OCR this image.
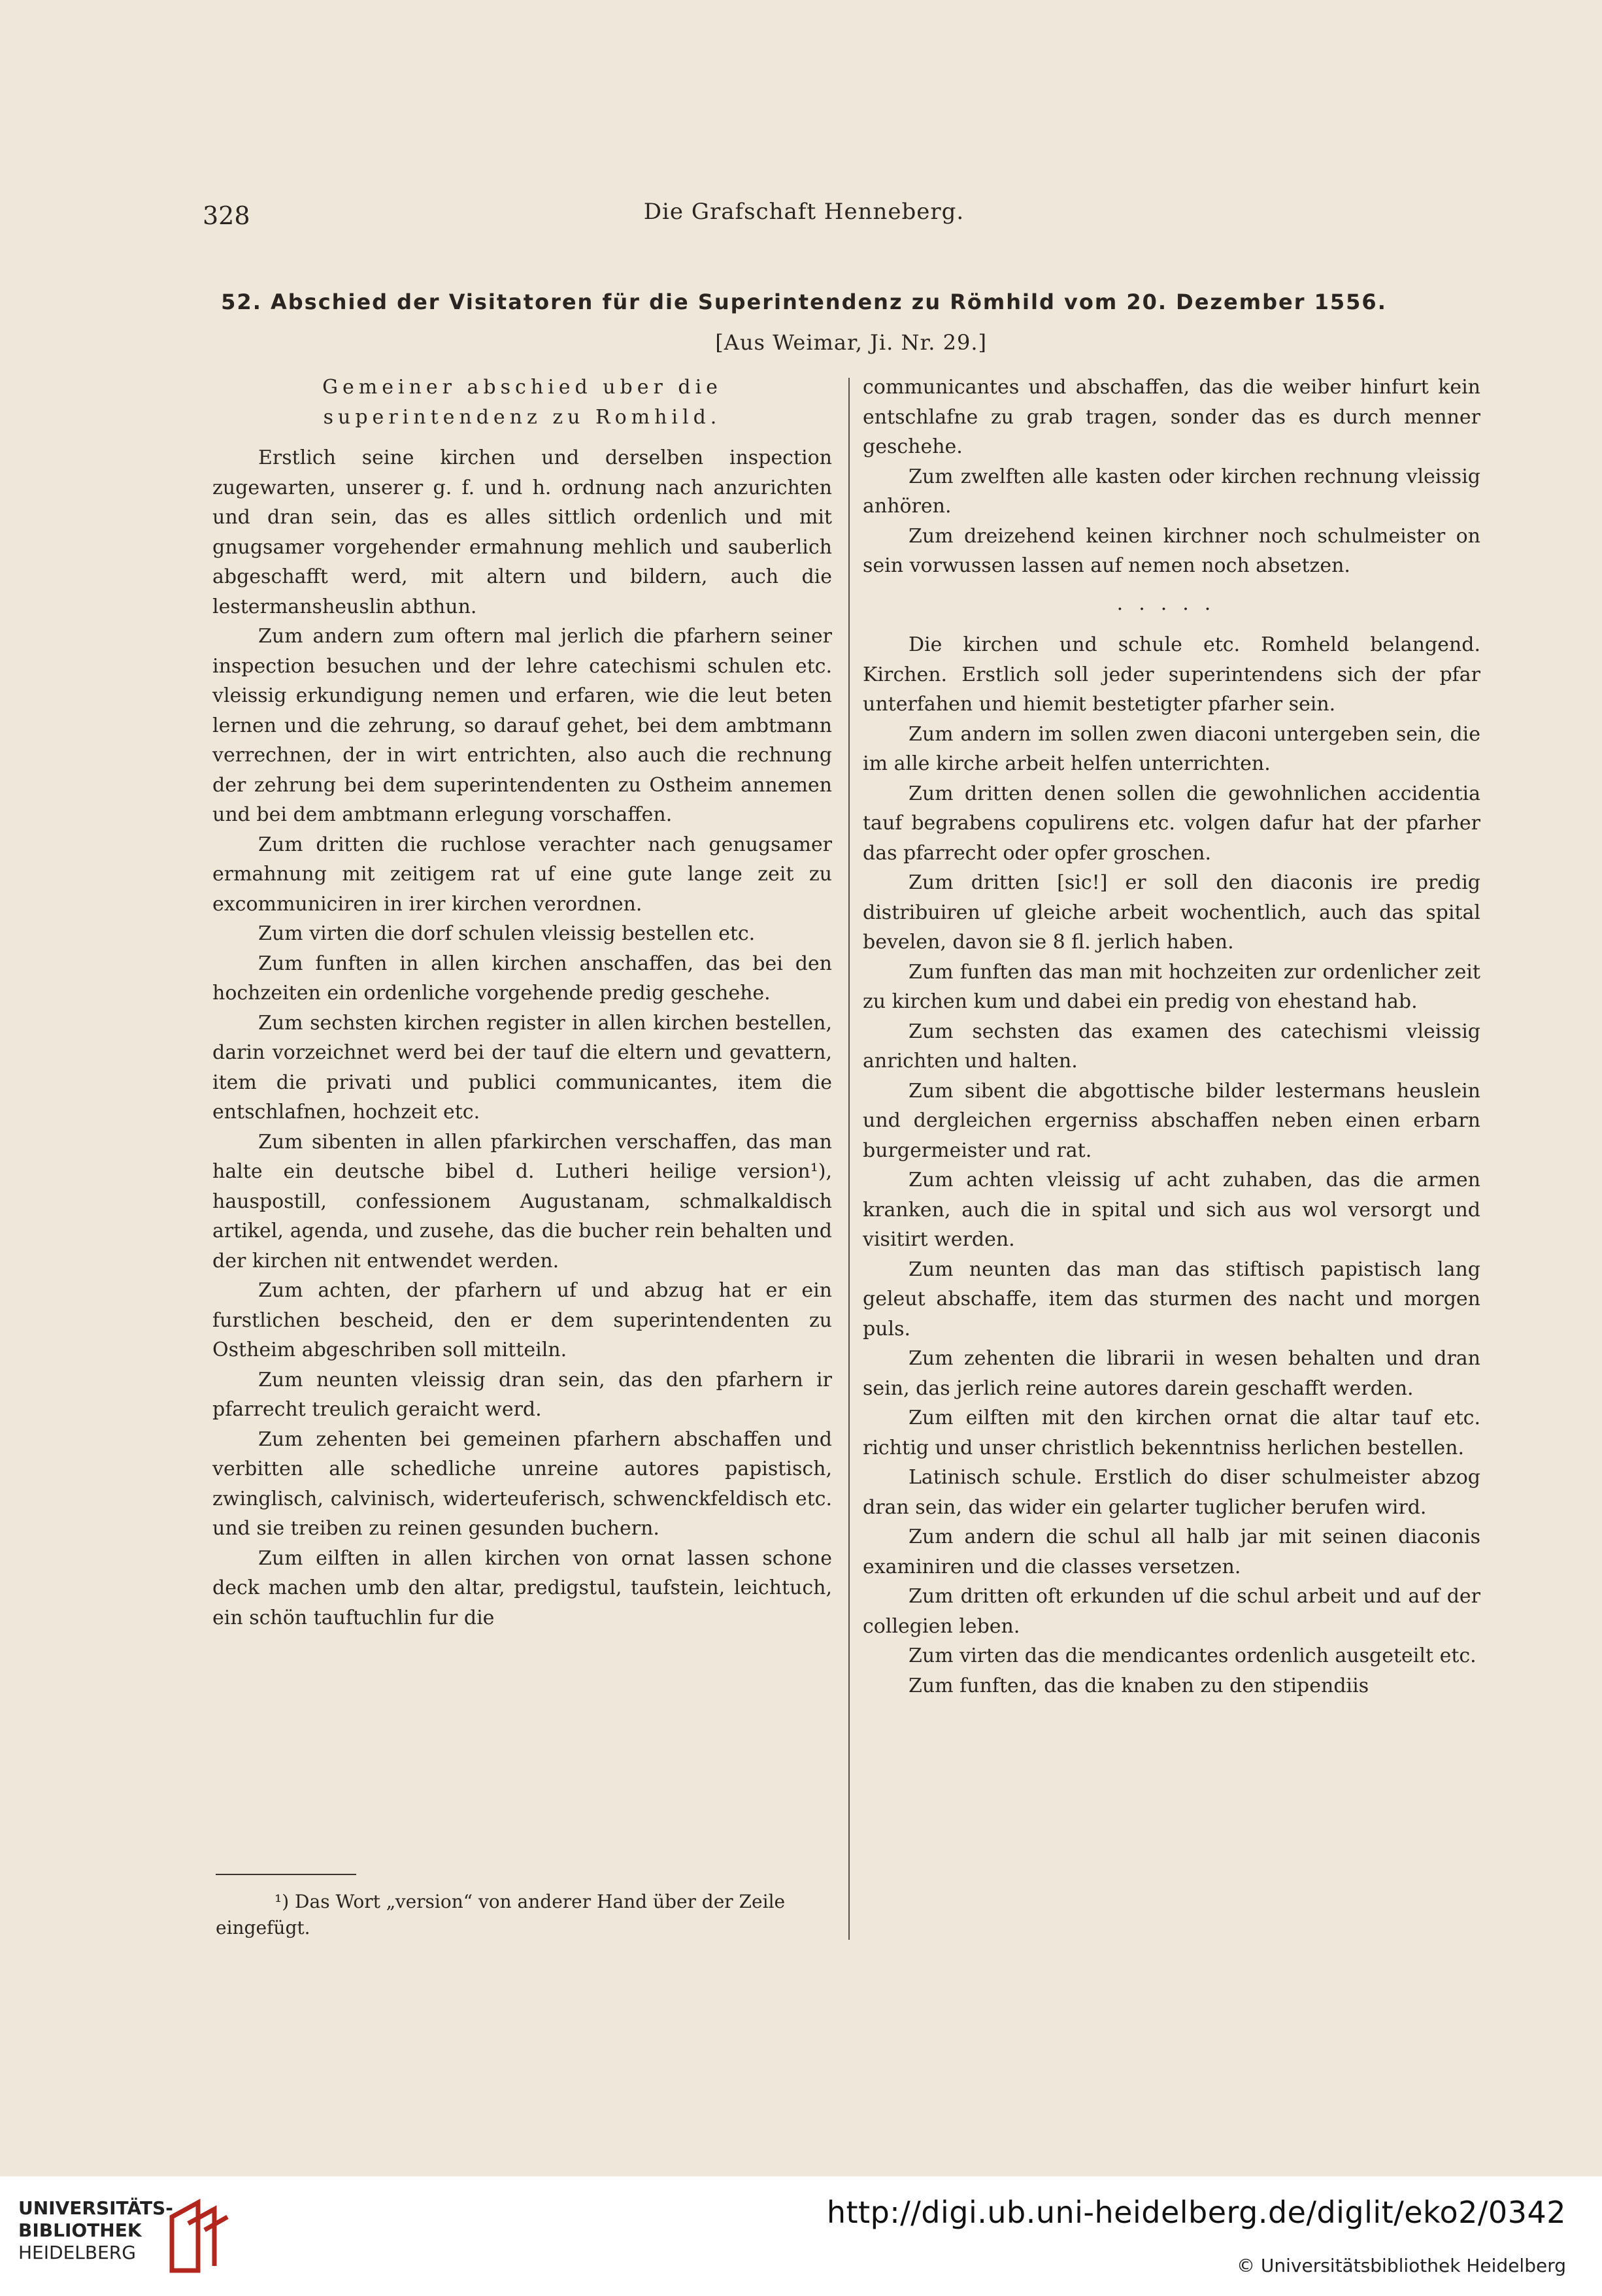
328	Die Grafschaft Henneberg.
52. Abschied der Visitatoren für die Superintendenz zu Römhild vom 20. Dezember 1556.
[Aus Weimar, Ji. Nr. 29.]
Gemeiner abschied uber die superintendenz zu Romhild.

Erstlich seine kirchen und derselben inspection zugewarten, unserer g. f. und h. ordnung nach anzurichten und dran sein, das es alles sittlich ordenlich und mit gnugsamer vorgehender ermahnung mehlich und sauberlich abgeschafft werd, mit altern und bildern, auch die lestermansheuslin abthun.

Zum andern zum oftern mal jerlich die pfarhern seiner inspection besuchen und der lehre catechismi schulen etc. vleissig erkundigung nemen und erfaren, wie die leut beten lernen und die zehrung, so darauf gehet, bei dem ambtmann verrechnen, der in wirt entrichten, also auch die rechnung der zehrung bei dem superintendenten zu Ostheim annemen und bei dem ambtmann erlegung vorschaffen.

Zum dritten die ruchlose verachter nach genugsamer ermahnung mit zeitigem rat uf eine gute lange zeit zu excommuniciren in irer kirchen verordnen.

Zum virten die dorf schulen vleissig bestellen etc.

Zum funften in allen kirchen anschaffen, das bei den hochzeiten ein ordenliche vorgehende predig geschehe.

Zum sechsten kirchen register in allen kirchen bestellen, darin vorzeichnet werd bei der tauf die eltern und gevattern, item die privati und publici communicantes, item die entschlafnen, hochzeit etc.

Zum sibenten in allen pfarkirchen verschaffen, das man halte ein deutsche bibel d. Lutheri heilige version¹), hauspostill, confessionem Augustanam, schmalkaldisch artikel, agenda, und zusehe, das die bucher rein behalten und der kirchen nit entwendet werden.

Zum achten, der pfarhern uf und abzug hat er ein furstlichen bescheid, den er dem superintendenten zu Ostheim abgeschriben soll mitteiln.

Zum neunten vleissig dran sein, das den pfarhern ir pfarrecht treulich geraicht werd.

Zum zehenten bei gemeinen pfarhern abschaffen und verbitten alle schedliche unreine autores papistisch, zwinglisch, calvinisch, widerteuferisch, schwenckfeldisch etc. und sie treiben zu reinen gesunden buchern.

Zum eilften in allen kirchen von ornat lassen schone deck machen umb den altar, predigstul, taufstein, leichtuch, ein schön tauftuchlin fur die

communicantes und abschaffen, das die weiber hinfurt kein entschlafne zu grab tragen, sonder das es durch menner geschehe.

Zum zwelften alle kasten oder kirchen rechnung vleissig anhören.

Zum dreizehend keinen kirchner noch schulmeister on sein vorwussen lassen auf nemen noch absetzen.

.....

Die kirchen und schule etc. Romheld belangend. Kirchen. Erstlich soll jeder superintendens sich der pfar unterfahen und hiemit bestetigter pfarher sein.

Zum andern im sollen zwen diaconi untergeben sein, die im alle kirche arbeit helfen unterrichten.

Zum dritten denen sollen die gewohnlichen accidentia tauf begrabens copulirens etc. volgen dafur hat der pfarher das pfarrecht oder opfer groschen.

Zum dritten [sic!] er soll den diaconis ire predig distribuiren uf gleiche arbeit wochentlich, auch das spital bevelen, davon sie 8 fl. jerlich haben.

Zum funften das man mit hochzeiten zur ordenlicher zeit zu kirchen kum und dabei ein predig von ehestand hab.

Zum sechsten das examen des catechismi vleissig anrichten und halten.

Zum sibent die abgottische bilder lestermans heuslein und dergleichen ergerniss abschaffen neben einen erbarn burgermeister und rat.

Zum achten vleissig uf acht zuhaben, das die armen kranken, auch die in spital und sich aus wol versorgt und visitirt werden.

Zum neunten das man das stiftisch papistisch lang geleut abschaffe, item das sturmen des nacht und morgen puls.

Zum zehenten die librarii in wesen behalten und dran sein, das jerlich reine autores darein geschafft werden.

Zum eilften mit den kirchen ornat die altar tauf etc. richtig und unser christlich bekenntniss herlichen bestellen.

Latinisch schule. Erstlich do diser schulmeister abzog dran sein, das wider ein gelarter tuglicher berufen wird.

Zum andern die schul all halb jar mit seinen diaconis examiniren und die classes versetzen.

Zum dritten oft erkunden uf die schul arbeit und auf der collegien leben.

Zum virten das die mendicantes ordenlich ausgeteilt etc.

Zum funften, das die knaben zu den stipendiis

¹) Das Wort „version“ von anderer Hand über der Zeile eingefügt.
UNIVERSITÄTS-
BIBLIOTHEK
HEIDELBERG
http://digi.ub.uni-heidelberg.de/diglit/eko2/0342
© Universitätsbibliothek Heidelberg
